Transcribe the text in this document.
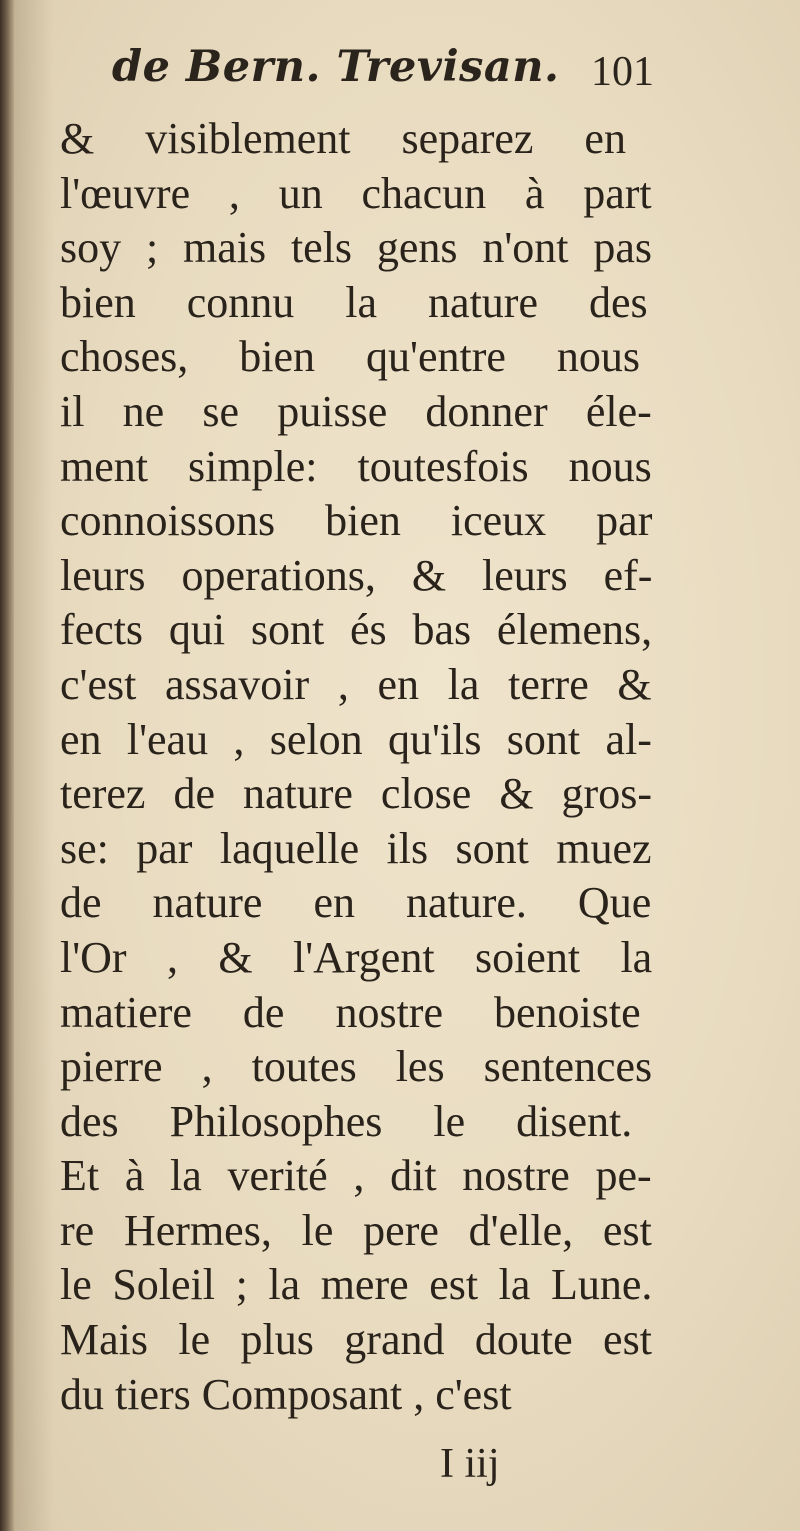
de Bern. Trevisan. 101
& visiblement separez en
l'œuvre , un chacun à part
soy ; mais tels gens n'ont pas
bien connu la nature des
choses, bien qu'entre nous
il ne se puisse donner éle-
ment simple: toutesfois nous
connoissons bien iceux par
leurs operations, & leurs ef-
fects qui sont és bas élemens,
c'est assavoir , en la terre &
en l'eau , selon qu'ils sont al-
terez de nature close & gros-
se: par laquelle ils sont muez
de nature en nature. Que
l'Or , & l'Argent soient la
matiere de nostre benoiste
pierre , toutes les sentences
des Philosophes le disent.
Et à la verité , dit nostre pe-
re Hermes, le pere d'elle, est
le Soleil ; la mere est la Lune.
Mais le plus grand doute est
du tiers Composant , c'est
I iij
